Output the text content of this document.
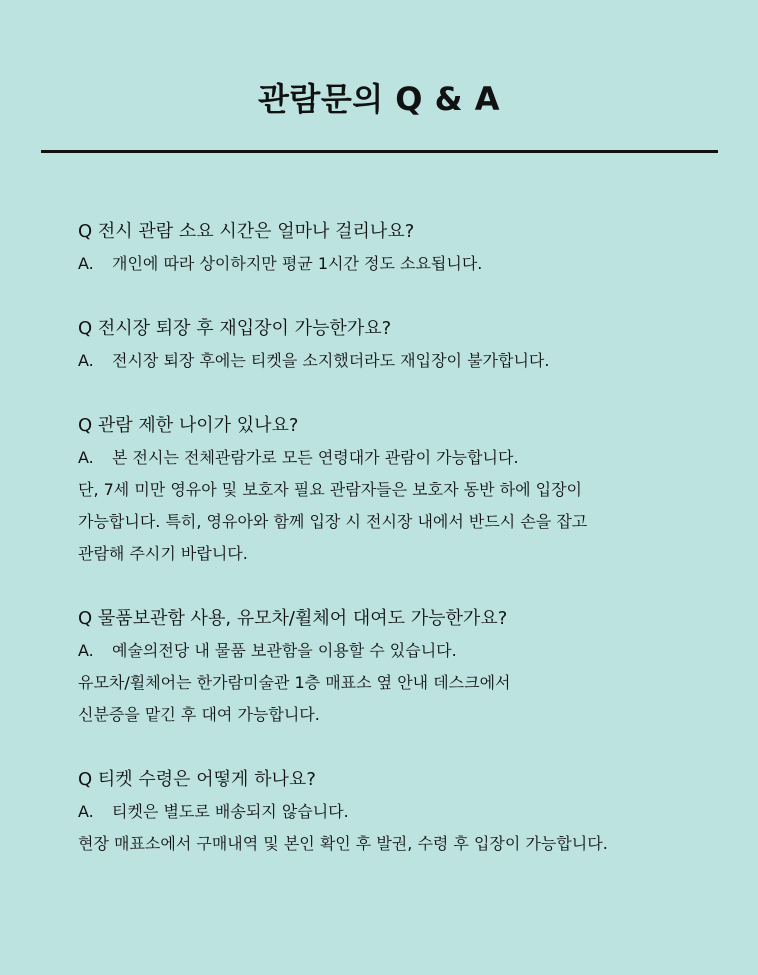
관람문의 Q & A
Q 전시 관람 소요 시간은 얼마나 걸리나요?
A. 개인에 따라 상이하지만 평균 1시간 정도 소요됩니다.
Q 전시장 퇴장 후 재입장이 가능한가요?
A. 전시장 퇴장 후에는 티켓을 소지했더라도 재입장이 불가합니다.
Q 관람 제한 나이가 있나요?
A. 본 전시는 전체관람가로 모든 연령대가 관람이 가능합니다.
단, 7세 미만 영유아 및 보호자 필요 관람자들은 보호자 동반 하에 입장이
가능합니다. 특히, 영유아와 함께 입장 시 전시장 내에서 반드시 손을 잡고
관람해 주시기 바랍니다.
Q 물품보관함 사용, 유모차/휠체어 대여도 가능한가요?
A. 예술의전당 내 물품 보관함을 이용할 수 있습니다.
유모차/휠체어는 한가람미술관 1층 매표소 옆 안내 데스크에서
신분증을 맡긴 후 대여 가능합니다.
Q 티켓 수령은 어떻게 하나요?
A. 티켓은 별도로 배송되지 않습니다.
현장 매표소에서 구매내역 및 본인 확인 후 발권, 수령 후 입장이 가능합니다.
